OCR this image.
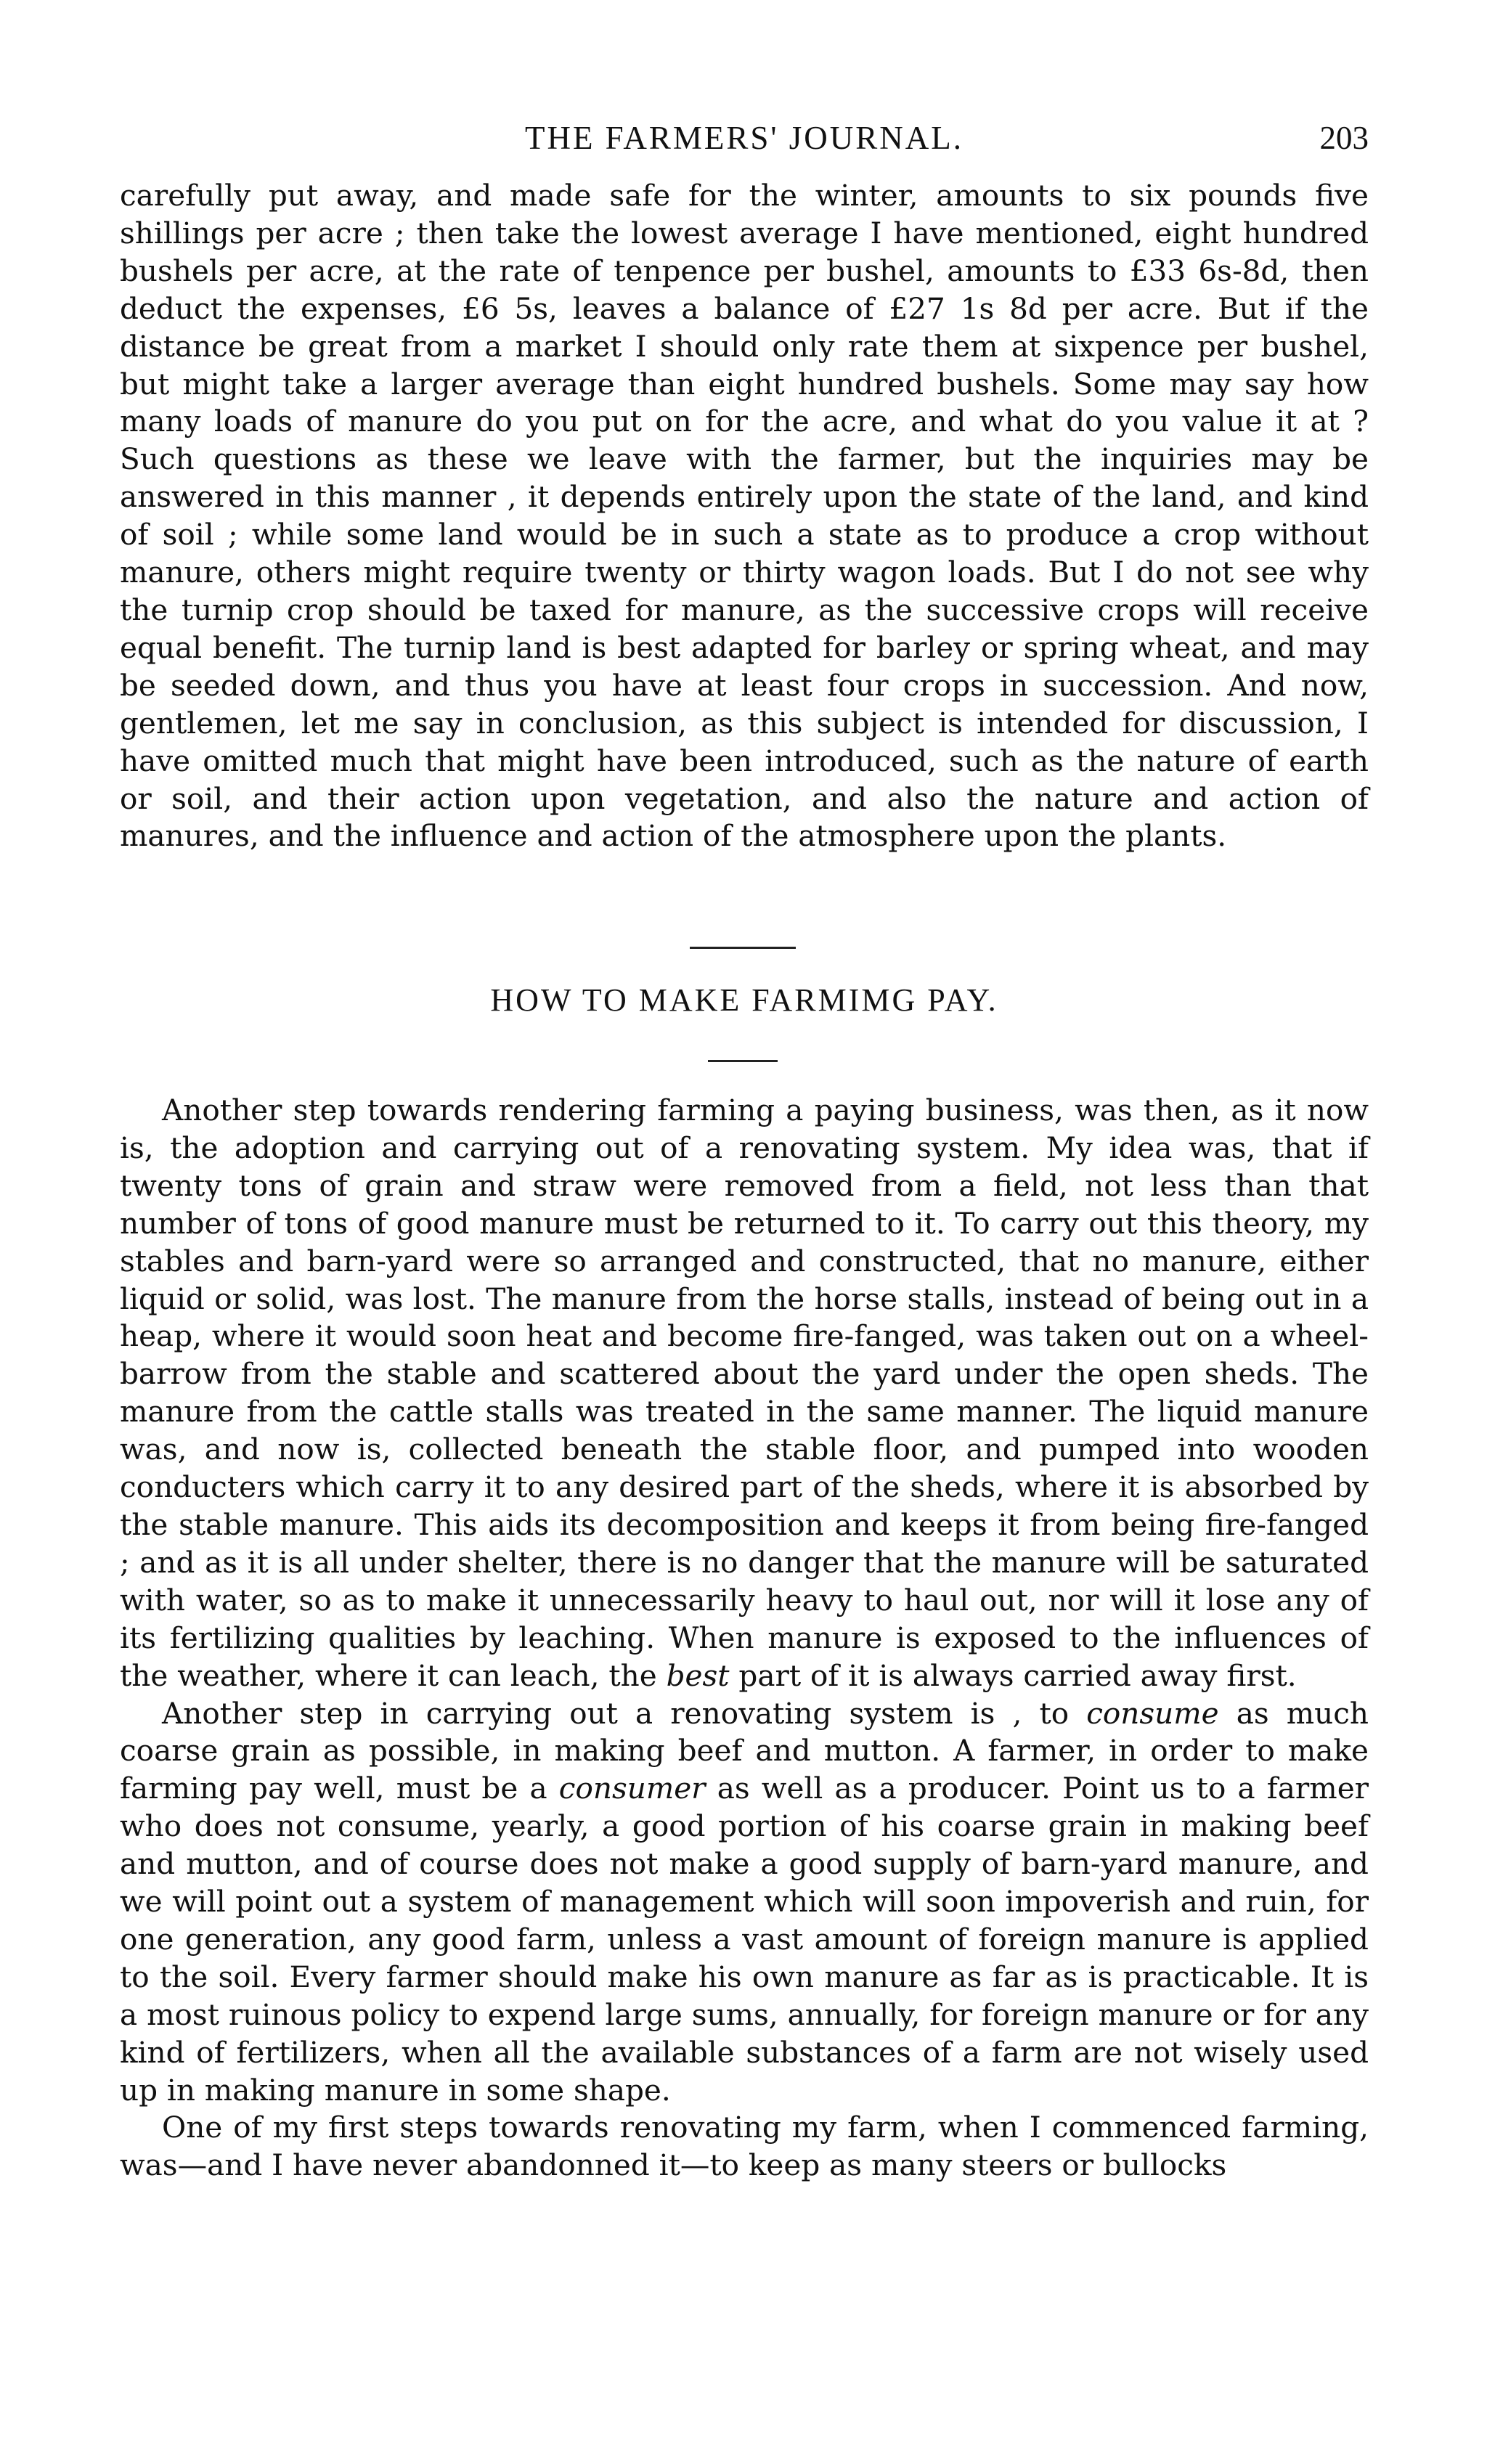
THE FARMERS' JOURNAL.	203

carefully put away, and made safe for the winter, amounts to six pounds five shillings per acre ; then take the lowest average I have mentioned, eight hundred bushels per acre, at the rate of tenpence per bushel, amounts to £33 6s-8d, then deduct the expenses, £6 5s, leaves a balance of £27 1s 8d per acre. But if the distance be great from a market I should only rate them at sixpence per bushel, but might take a larger average than eight hundred bushels. Some may say how many loads of manure do you put on for the acre, and what do you value it at ? Such questions as these we leave with the farmer, but the inquiries may be answered in this manner , it depends entirely upon the state of the land, and kind of soil ; while some land would be in such a state as to produce a crop without manure, others might require twenty or thirty wagon loads. But I do not see why the turnip crop should be taxed for manure, as the successive crops will receive equal benefit. The turnip land is best adapted for barley or spring wheat, and may be seeded down, and thus you have at least four crops in succession. And now, gentlemen, let me say in conclusion, as this subject is intended for discussion, I have omitted much that might have been introduced, such as the nature of earth or soil, and their action upon vegetation, and also the nature and action of manures, and the influence and action of the atmosphere upon the plants.

HOW TO MAKE FARMIMG PAY.

Another step towards rendering farming a paying business, was then, as it now is, the adoption and carrying out of a renovating system. My idea was, that if twenty tons of grain and straw were removed from a field, not less than that number of tons of good manure must be returned to it. To carry out this theory, my stables and barn-yard were so arranged and constructed, that no manure, either liquid or solid, was lost. The manure from the horse stalls, instead of being out in a heap, where it would soon heat and become fire-fanged, was taken out on a wheel-barrow from the stable and scattered about the yard under the open sheds. The manure from the cattle stalls was treated in the same manner. The liquid manure was, and now is, collected beneath the stable floor, and pumped into wooden conducters which carry it to any desired part of the sheds, where it is absorbed by the stable manure. This aids its decomposition and keeps it from being fire-fanged ; and as it is all under shelter, there is no danger that the manure will be saturated with water, so as to make it unnecessarily heavy to haul out, nor will it lose any of its fertilizing qualities by leaching. When manure is exposed to the influences of the weather, where it can leach, the best part of it is always carried away first.

Another step in carrying out a renovating system is , to consume as much coarse grain as possible, in making beef and mutton. A farmer, in order to make farming pay well, must be a consumer as well as a producer. Point us to a farmer who does not consume, yearly, a good portion of his coarse grain in making beef and mutton, and of course does not make a good supply of barn-yard manure, and we will point out a system of management which will soon impoverish and ruin, for one generation, any good farm, unless a vast amount of foreign manure is applied to the soil. Every farmer should make his own manure as far as is practicable. It is a most ruinous policy to expend large sums, annually, for foreign manure or for any kind of fertilizers, when all the available substances of a farm are not wisely used up in making manure in some shape.

One of my first steps towards renovating my farm, when I commenced farming, was—and I have never abandonned it—to keep as many steers or bullocks
